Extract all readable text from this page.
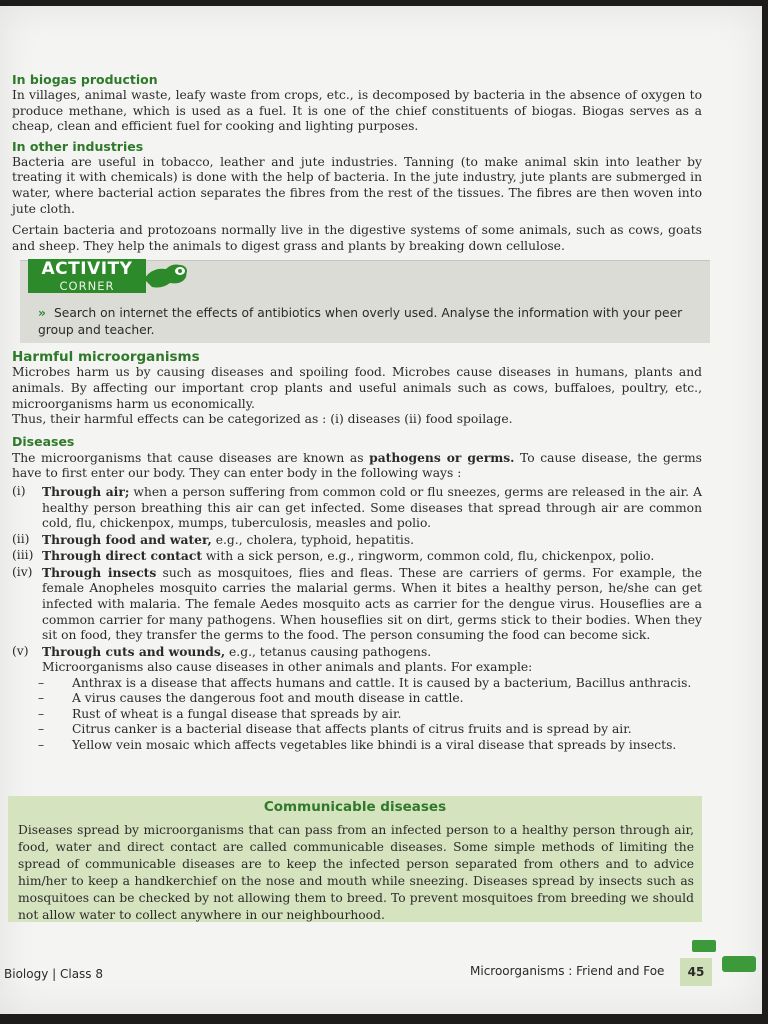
In biogas production

In villages, animal waste, leafy waste from crops, etc., is decomposed by bacteria in the absence of oxygen to produce methane, which is used as a fuel. It is one of the chief constituents of biogas. Biogas serves as a cheap, clean and efficient fuel for cooking and lighting purposes.

In other industries

Bacteria are useful in tobacco, leather and jute industries. Tanning (to make animal skin into leather by treating it with chemicals) is done with the help of bacteria. In the jute industry, jute plants are submerged in water, where bacterial action separates the fibres from the rest of the tissues. The fibres are then woven into jute cloth.

Certain bacteria and protozoans normally live in the digestive systems of some animals, such as cows, goats and sheep. They help the animals to digest grass and plants by breaking down cellulose.

ACTIVITY
CORNER
» Search on internet the effects of antibiotics when overly used. Analyse the information with your peer group and teacher.
Harmful microorganisms

Microbes harm us by causing diseases and spoiling food. Microbes cause diseases in humans, plants and animals. By affecting our important crop plants and useful animals such as cows, buffaloes, poultry, etc., microorganisms harm us economically.

Thus, their harmful effects can be categorized as : (i) diseases (ii) food spoilage.

Diseases

The microorganisms that cause diseases are known as pathogens or germs. To cause disease, the germs have to first enter our body. They can enter body in the following ways :

(i)	Through air; when a person suffering from common cold or flu sneezes, germs are released in the air. A healthy person breathing this air can get infected. Some diseases that spread through air are common cold, flu, chickenpox, mumps, tuberculosis, measles and polio.
(ii)	Through food and water, e.g., cholera, typhoid, hepatitis.
(iii) Through direct contact with a sick person, e.g., ringworm, common cold, flu, chickenpox, polio.
(iv) Through insects such as mosquitoes, flies and fleas. These are carriers of germs. For example, the female Anopheles mosquito carries the malarial germs. When it bites a healthy person, he/she can get infected with malaria. The female Aedes mosquito acts as carrier for the dengue virus. Houseflies are a common carrier for many pathogens. When houseflies sit on dirt, germs stick to their bodies. When they sit on food, they transfer the germs to the food. The person consuming the food can become sick.
(v)	Through cuts and wounds, e.g., tetanus causing pathogens.

Microorganisms also cause diseases in other animals and plants. For example:

–	Anthrax is a disease that affects humans and cattle. It is caused by a bacterium, Bacillus anthracis.
–	A virus causes the dangerous foot and mouth disease in cattle.
–	Rust of wheat is a fungal disease that spreads by air.
–	Citrus canker is a bacterial disease that affects plants of citrus fruits and is spread by air.
–	Yellow vein mosaic which affects vegetables like bhindi is a viral disease that spreads by insects.
Communicable diseases
Diseases spread by microorganisms that can pass from an infected person to a healthy person through air, food, water and direct contact are called communicable diseases. Some simple methods of limiting the spread of communicable diseases are to keep the infected person separated from others and to advice him/her to keep a handkerchief on the nose and mouth while sneezing. Diseases spread by insects such as mosquitoes can be checked by not allowing them to breed. To prevent mosquitoes from breeding we should not allow water to collect anywhere in our neighbourhood.
Biology | Class 8	Microorganisms : Friend and Foe	45
